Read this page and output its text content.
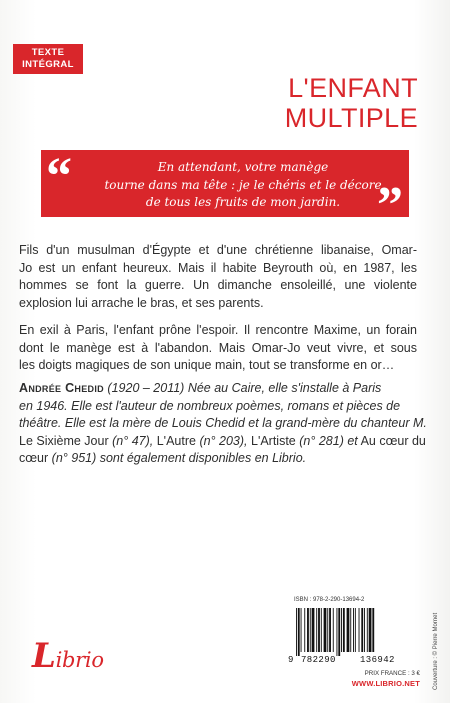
TEXTE
INTÉGRAL
L'ENFANT
MULTIPLE
“	En attendant, votre manège
tourne dans ma tête : je le chéris et le décore
de tous les fruits de mon jardin. ”
Fils d'un musulman d'Égypte et d'une chrétienne libanaise, Omar-
Jo est un enfant heureux. Mais il habite Beyrouth où, en 1987, les
hommes se font la guerre. Un dimanche ensoleillé, une violente
explosion lui arrache le bras, et ses parents.
En exil à Paris, l'enfant prône l'espoir. Il rencontre Maxime, un forain
dont le manège est à l'abandon. Mais Omar-Jo veut vivre, et sous
les doigts magiques de son unique main, tout se transforme en or…
Andrée Chedid (1920 – 2011) Née au Caire, elle s'installe à Paris
en 1946. Elle est l'auteur de nombreux poèmes, romans et pièces de
théâtre. Elle est la mère de Louis Chedid et la grand-mère du chanteur M.
Le Sixième Jour (n° 47), L'Autre (n° 203), L'Artiste (n° 281) et Au cœur du
cœur (n° 951) sont également disponibles en Librio.
ISBN : 978-2-290-13694-2
9 782290	136942
PRIX FRANCE : 3 €
WWW.LIBRIO.NET Couverture : © Pierre Mornet
Librio
